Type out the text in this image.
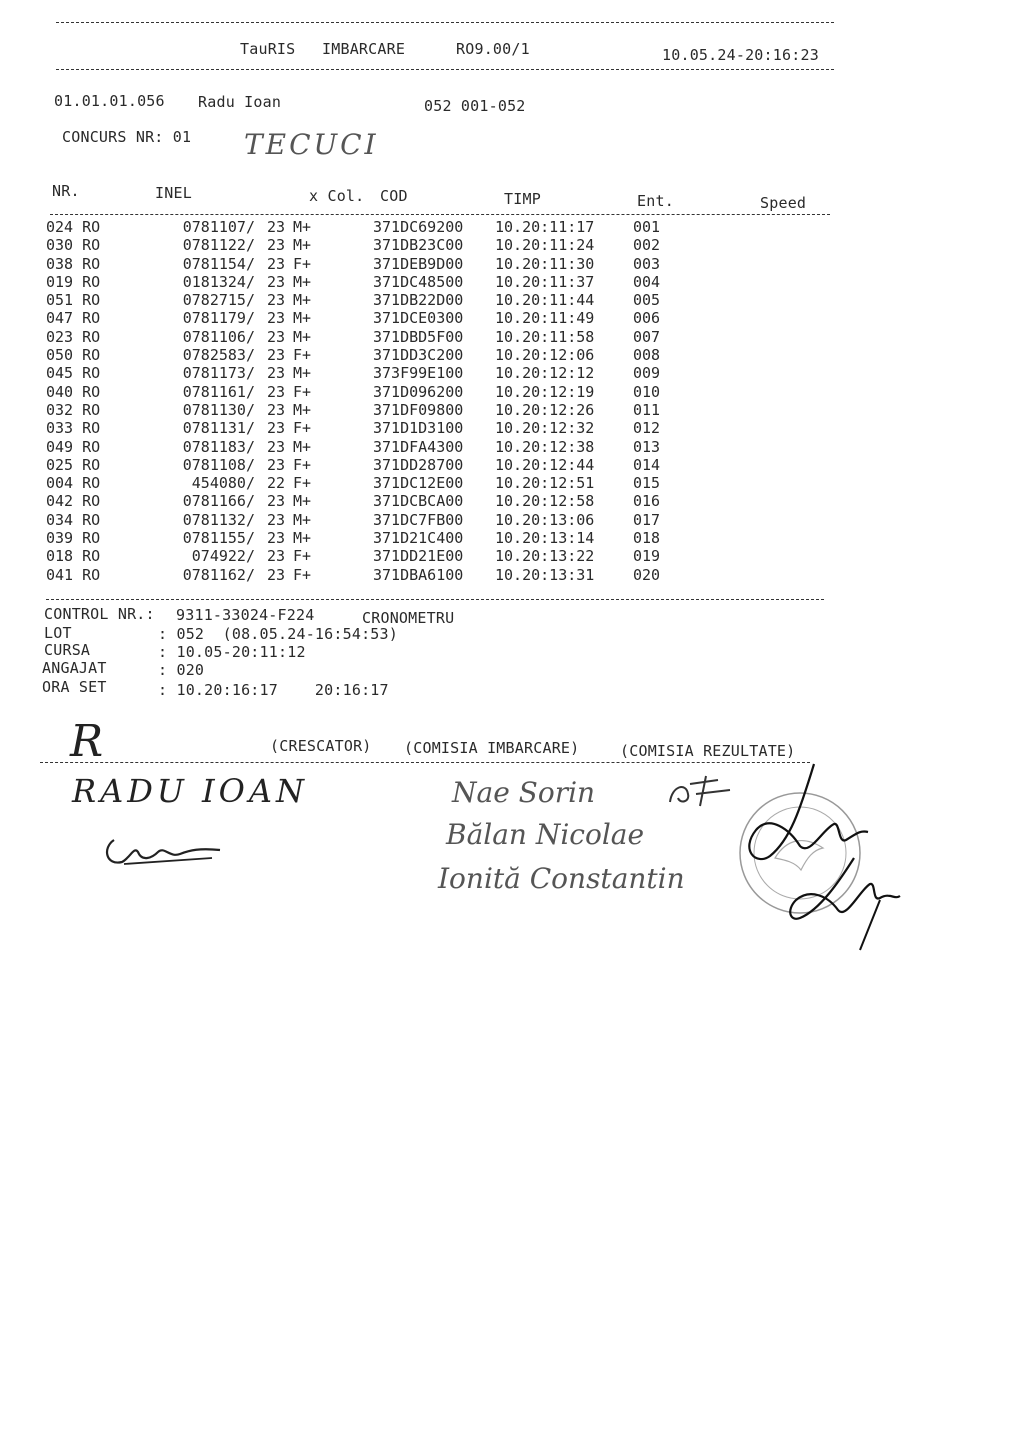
TauRIS IMBARCARE	RO9.00/1	10.05.24-20:16:23
01.01.01.056 Radu Ioan	052 001-052
CONCURS NR: 01 TECUCI
NR.	INEL	x Col. COD	TIMP	Ent.	Speed
024 RO	0781107/	23	M+	371DC69200	10.20:11:17	001
030 RO	0781122/	23	M+	371DB23C00	10.20:11:24	002
038 RO	0781154/	23	F+	371DEB9D00	10.20:11:30	003
019 RO	0181324/	23	M+	371DC48500	10.20:11:37	004
051 RO	0782715/	23	M+	371DB22D00	10.20:11:44	005
047 RO	0781179/	23	M+	371DCE0300	10.20:11:49	006
023 RO	0781106/	23	M+	371DBD5F00	10.20:11:58	007
050 RO	0782583/	23	F+	371DD3C200	10.20:12:06	008
045 RO	0781173/	23	M+	373F99E100	10.20:12:12	009
040 RO	0781161/	23	F+	371D096200	10.20:12:19	010
032 RO	0781130/	23	M+	371DF09800	10.20:12:26	011
033 RO	0781131/	23	F+	371D1D3100	10.20:12:32	012
049 RO	0781183/	23	M+	371DFA4300	10.20:12:38	013
025 RO	0781108/	23	F+	371DD28700	10.20:12:44	014
004 RO	454080/	22	F+	371DC12E00	10.20:12:51	015
042 RO	0781166/	23	M+	371DCBCA00	10.20:12:58	016
034 RO	0781132/	23	M+	371DC7FB00	10.20:13:06	017
039 RO	0781155/	23	M+	371D21C400	10.20:13:14	018
018 RO	074922/	23	F+	371DD21E00	10.20:13:22	019
041 RO	0781162/	23	F+	371DBA6100	10.20:13:31	020
CONTROL NR.: 9311-33024-F224	CRONOMETRU
LOT	: 052  (08.05.24-16:54:53)
CURSA	: 10.05-20:11:12
ANGAJAT	: 020
ORA SET	: 10.20:16:17    20:16:17
(CRESCATOR) (COMISIA IMBARCARE)	(COMISIA REZULTATE)
R
RADU IOAN	Nae Sorin
Bălan Nicolae
Ionită Constantin
